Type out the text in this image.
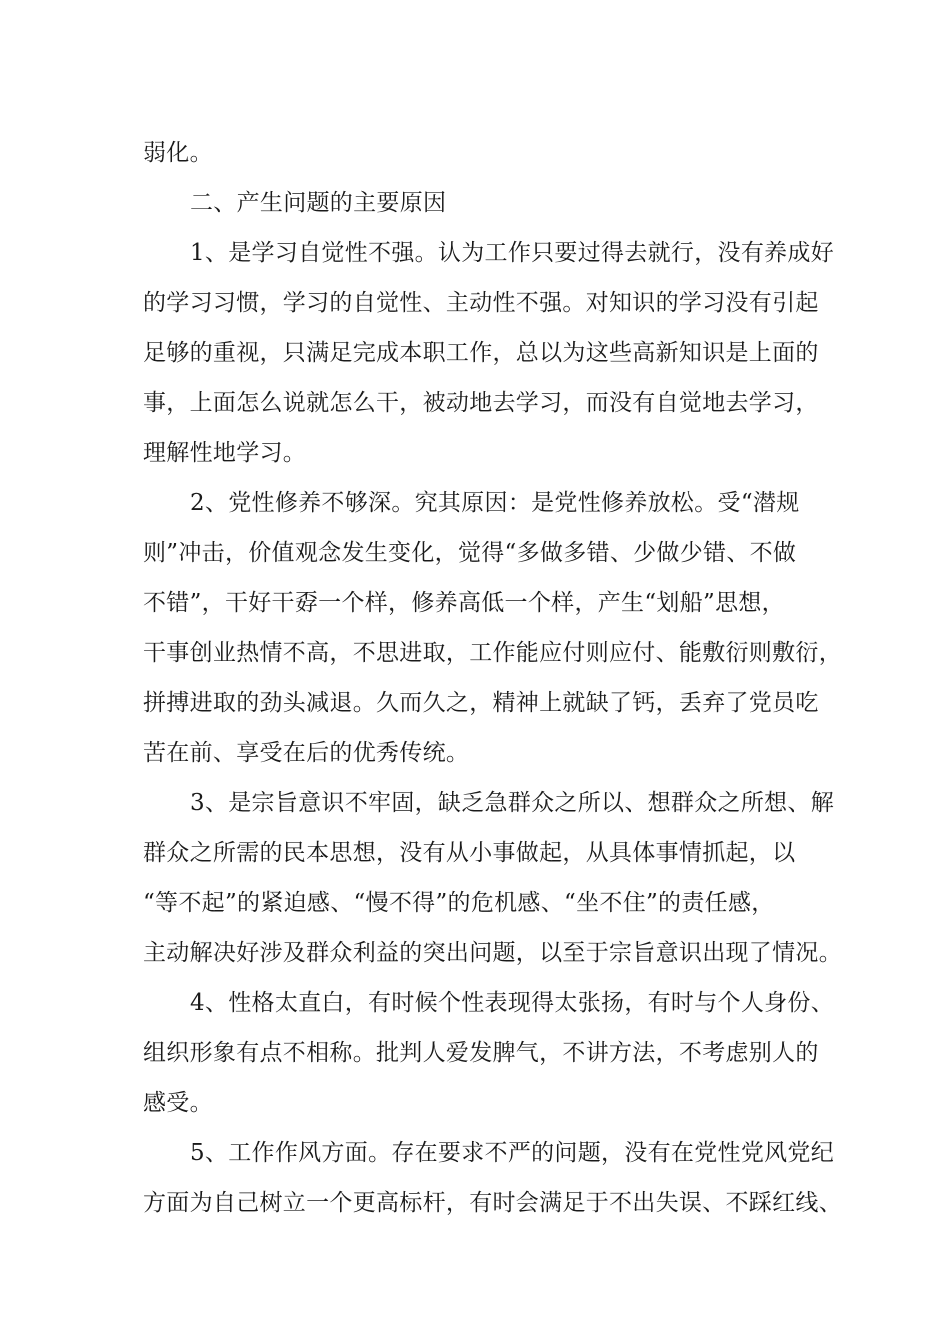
弱化。
二、产生问题的主要原因
1、是学习自觉性不强。认为工作只要过得去就行，没有养成好
的学习习惯，学习的自觉性、主动性不强。对知识的学习没有引起
足够的重视，只满足完成本职工作，总以为这些高新知识是上面的
事，上面怎么说就怎么干，被动地去学习，而没有自觉地去学习，
理解性地学习。
2、党性修养不够深。究其原因：是党性修养放松。受“潜规
则”冲击，价值观念发生变化，觉得“多做多错、少做少错、不做
不错”，干好干孬一个样，修养高低一个样，产生“划船”思想，
干事创业热情不高，不思进取，工作能应付则应付、能敷衍则敷衍，
拼搏进取的劲头减退。久而久之，精神上就缺了钙，丢弃了党员吃
苦在前、享受在后的优秀传统。
3、是宗旨意识不牢固，缺乏急群众之所以、想群众之所想、解
群众之所需的民本思想，没有从小事做起，从具体事情抓起，以
“等不起”的紧迫感、“慢不得”的危机感、“坐不住”的责任感，
主动解决好涉及群众利益的突出问题，以至于宗旨意识出现了情况。
4、性格太直白，有时候个性表现得太张扬，有时与个人身份、
组织形象有点不相称。批判人爱发脾气，不讲方法，不考虑别人的
感受。
5、工作作风方面。存在要求不严的问题，没有在党性党风党纪
方面为自己树立一个更高标杆，有时会满足于不出失误、不踩红线、
